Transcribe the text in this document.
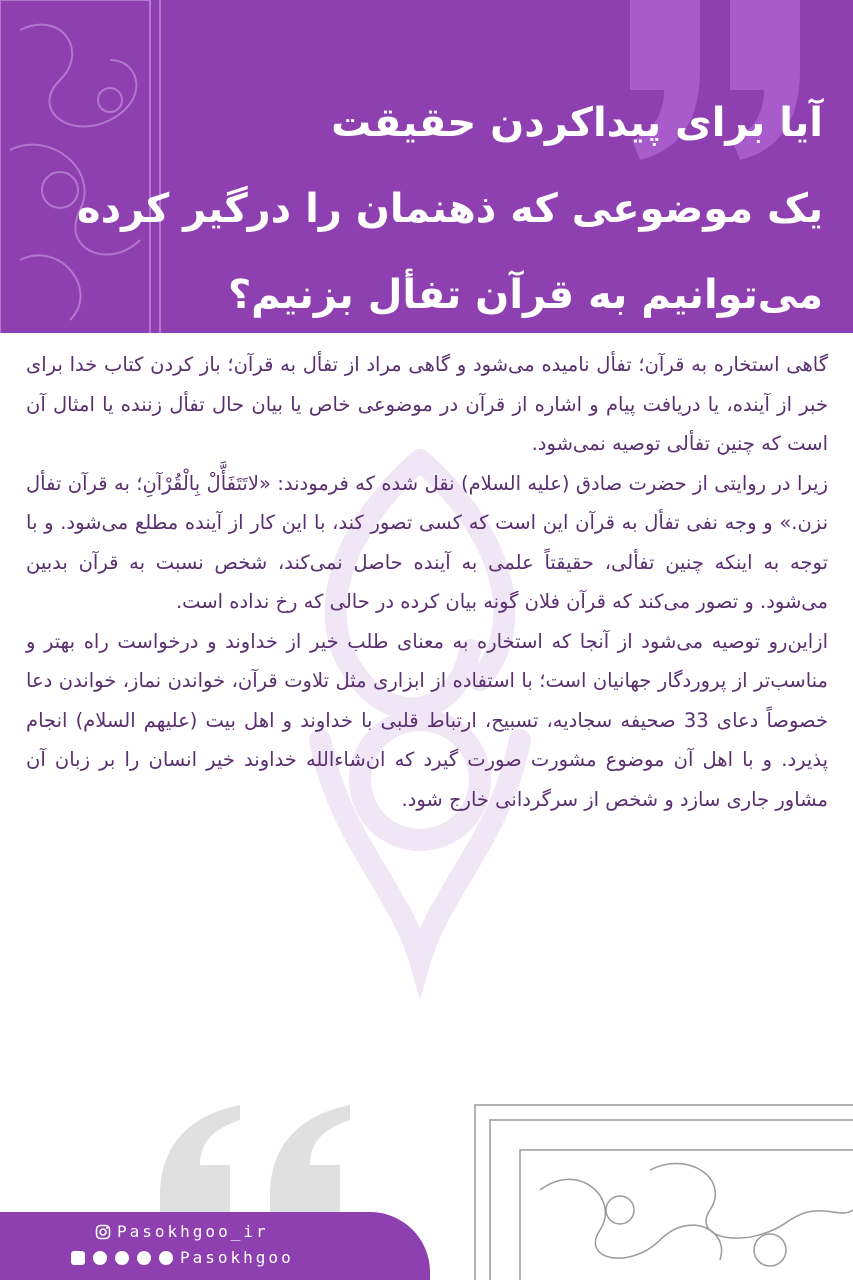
آیا برای پیداکردن حقیقت
یک موضوعی که ذهنمان را درگیر کرده
می‌توانیم به قرآن تفأل بزنیم؟

گاهی استخاره به قرآن؛ تفأل نامیده می‌شود و گاهی مراد از تفأل به قرآن؛ باز کردن کتاب خدا برای خبر از آینده، یا دریافت پیام و اشاره از قرآن در موضوعی خاص یا بیان حال تفأل زننده یا امثال آن است که چنین تفألی توصیه نمی‌شود.

زیرا در روایتی از حضرت صادق (علیه السلام) نقل شده که فرمودند: «لاتَتَفَأَّلْ بِالْقُرْآنِ؛ به قرآن تفأل نزن.» و وجه نفی تفأل به قرآن این است که کسی تصور کند، با این کار از آینده مطلع می‌شود. و با توجه به اینکه چنین تفألی، حقیقتاً علمی به آینده حاصل نمی‌کند، شخص نسبت به قرآن بدبین می‌شود. و تصور می‌کند که قرآن فلان گونه بیان کرده در حالی که رخ نداده است.

ازاین‌رو توصیه می‌شود از آنجا که استخاره به معنای طلب خیر از خداوند و درخواست راه بهتر و مناسب‌تر از پروردگار جهانیان است؛ با استفاده از ابزاری مثل تلاوت قرآن، خواندن نماز، خواندن دعا خصوصاً دعای 33 صحیفه سجادیه، تسبیح، ارتباط قلبی با خداوند و اهل بیت (علیهم السلام) انجام پذیرد. و با اهل آن موضوع مشورت صورت گیرد که ان‌شاءالله خداوند خیر انسان را بر زبان آن مشاور جاری سازد و شخص از سرگردانی خارج شود.

Pasokhgoo_ir
Pasokhgoo
